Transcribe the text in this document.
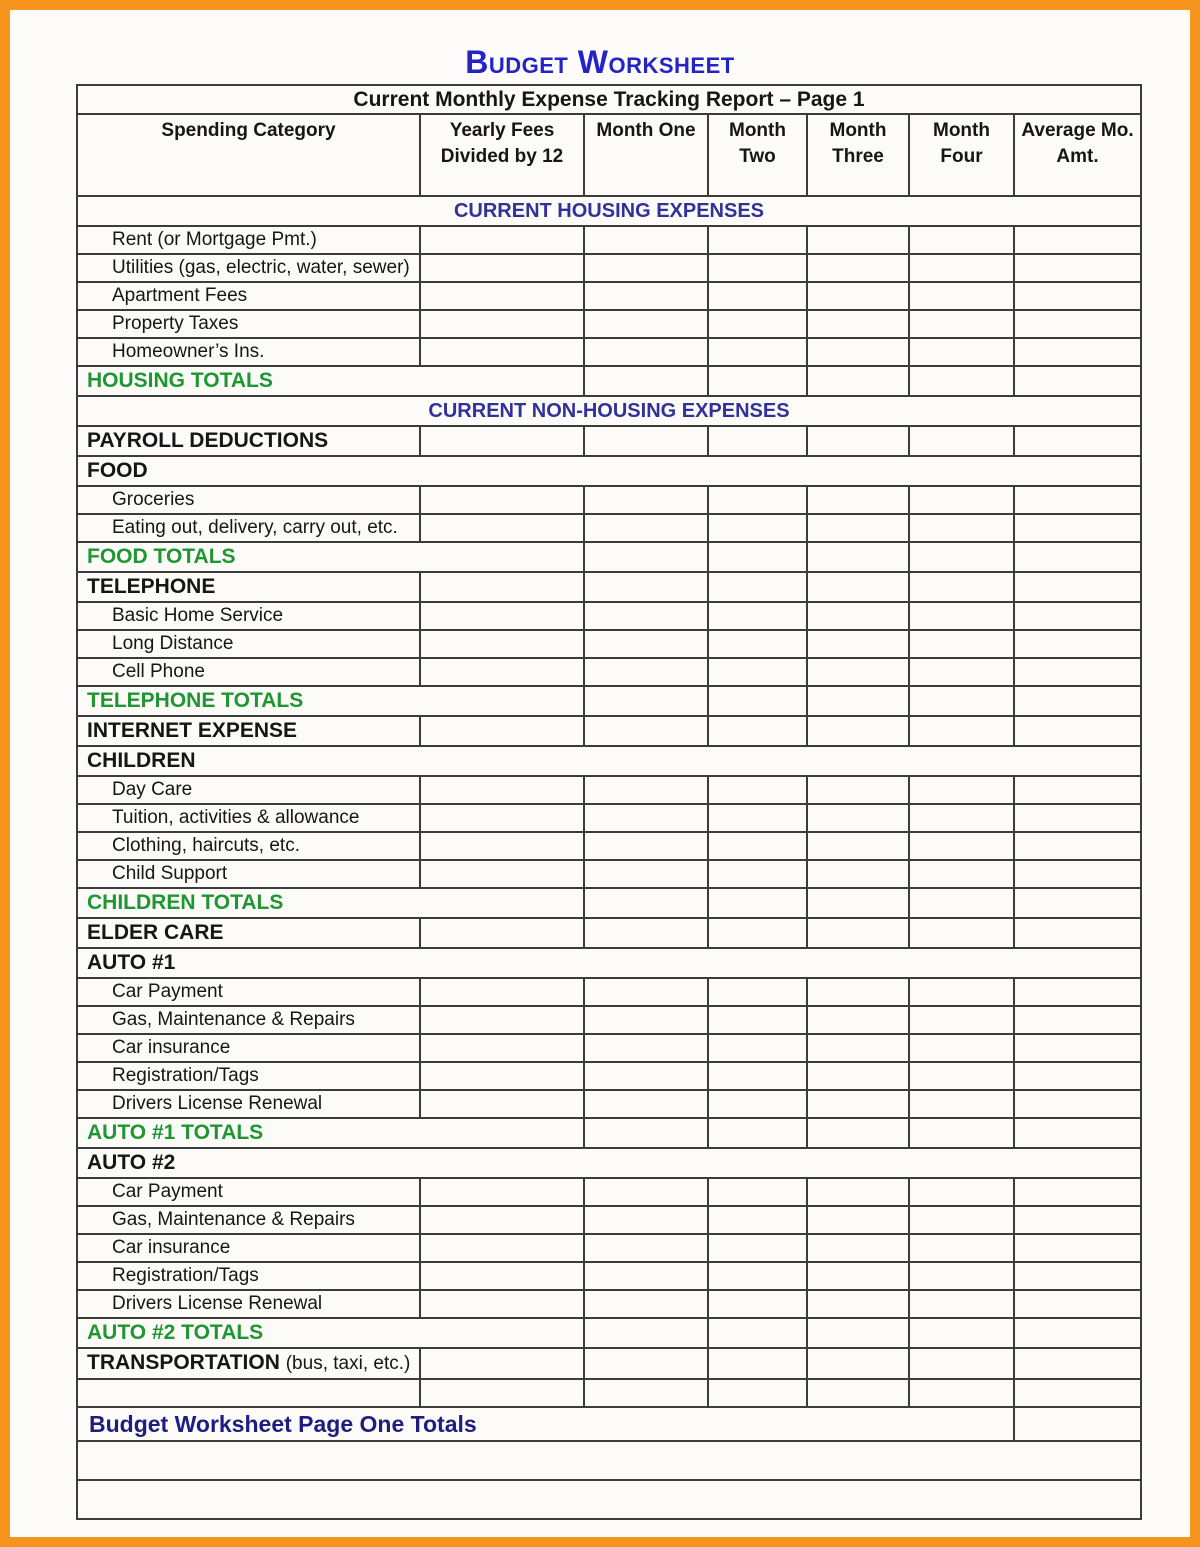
Budget Worksheet
Current Monthly Expense Tracking Report – Page 1						
Spending Category	Yearly Fees Divided by 12	Month One	Month Two	Month Three	Month Four	Average Mo. Amt.
CURRENT HOUSING EXPENSES						
Rent (or Mortgage Pmt.)						
Utilities (gas, electric, water, sewer)						
Apartment Fees						
Property Taxes						
Homeowner’s Ins.						
HOUSING TOTALS						
CURRENT NON-HOUSING EXPENSES						
PAYROLL DEDUCTIONS						
FOOD						
Groceries						
Eating out, delivery, carry out, etc.						
FOOD TOTALS						
TELEPHONE						
Basic Home Service						
Long Distance						
Cell Phone						
TELEPHONE TOTALS						
INTERNET EXPENSE						
CHILDREN						
Day Care						
Tuition, activities & allowance						
Clothing, haircuts, etc.						
Child Support						
CHILDREN TOTALS						
ELDER CARE						
AUTO #1						
Car Payment						
Gas, Maintenance & Repairs						
Car insurance						
Registration/Tags						
Drivers License Renewal						
AUTO #1 TOTALS						
AUTO #2						
Car Payment						
Gas, Maintenance & Repairs						
Car insurance						
Registration/Tags						
Drivers License Renewal						
AUTO #2 TOTALS						
TRANSPORTATION (bus, taxi, etc.)						

Budget Worksheet Page One Totals						
